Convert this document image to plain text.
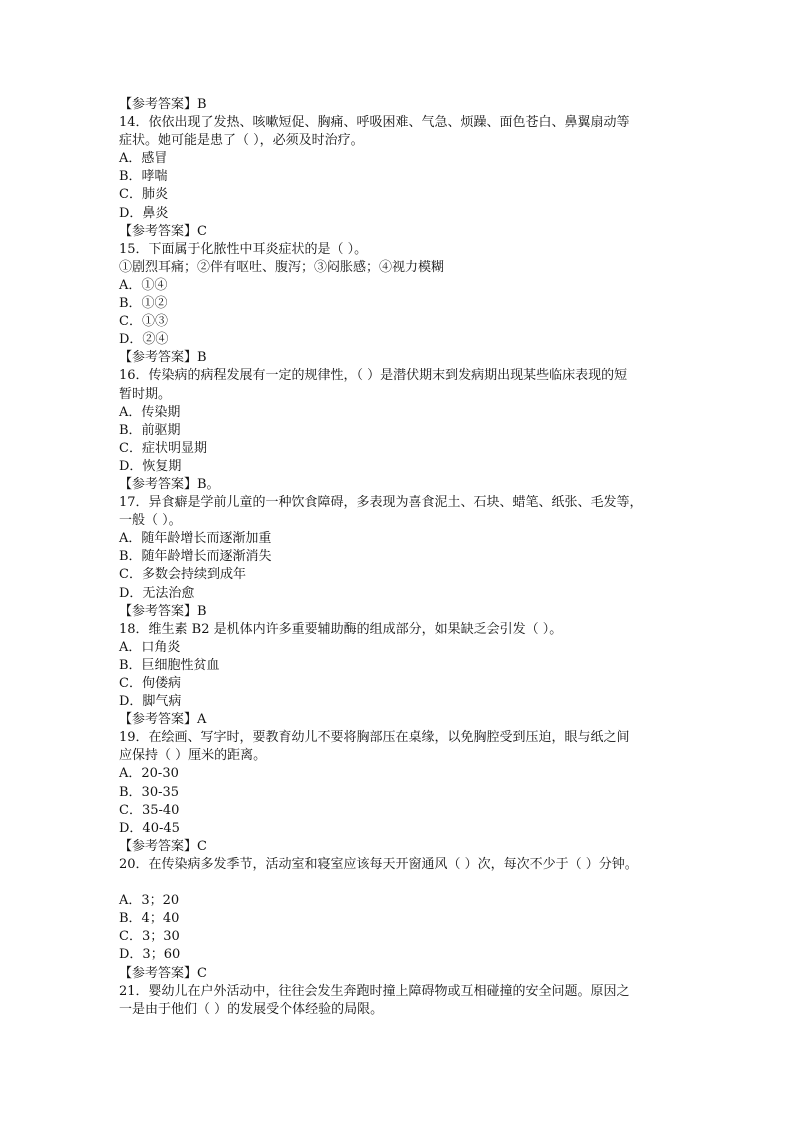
【参考答案】B
14．依依出现了发热、咳嗽短促、胸痛、呼吸困难、气急、烦躁、面色苍白、鼻翼扇动等
症状。她可能是患了（ ），必须及时治疗。
A．感冒
B．哮喘
C．肺炎
D．鼻炎
【参考答案】C
15．下面属于化脓性中耳炎症状的是（ ）。
①剧烈耳痛；②伴有呕吐、腹泻；③闷胀感；④视力模糊
A．①④
B．①②
C．①③
D．②④
【参考答案】B
16．传染病的病程发展有一定的规律性，（ ）是潜伏期末到发病期出现某些临床表现的短
暂时期。
A．传染期
B．前驱期
C．症状明显期
D．恢复期
【参考答案】B。
17．异食癖是学前儿童的一种饮食障碍，多表现为喜食泥土、石块、蜡笔、纸张、毛发等，
一般（ ）。
A．随年龄增长而逐渐加重
B．随年龄增长而逐渐消失
C．多数会持续到成年
D．无法治愈
【参考答案】B
18．维生素 B2 是机体内许多重要辅助酶的组成部分，如果缺乏会引发（ ）。
A．口角炎
B．巨细胞性贫血
C．佝偻病
D．脚气病
【参考答案】A
19．在绘画、写字时，要教育幼儿不要将胸部压在桌缘，以免胸腔受到压迫，眼与纸之间
应保持（ ）厘米的距离。
A．20-30
B．30-35
C．35-40
D．40-45
【参考答案】C
20．在传染病多发季节，活动室和寝室应该每天开窗通风（ ）次，每次不少于（ ）分钟。
A．3；20
B．4；40
C．3；30
D．3；60
【参考答案】C
21．婴幼儿在户外活动中，往往会发生奔跑时撞上障碍物或互相碰撞的安全问题。原因之
一是由于他们（ ）的发展受个体经验的局限。
